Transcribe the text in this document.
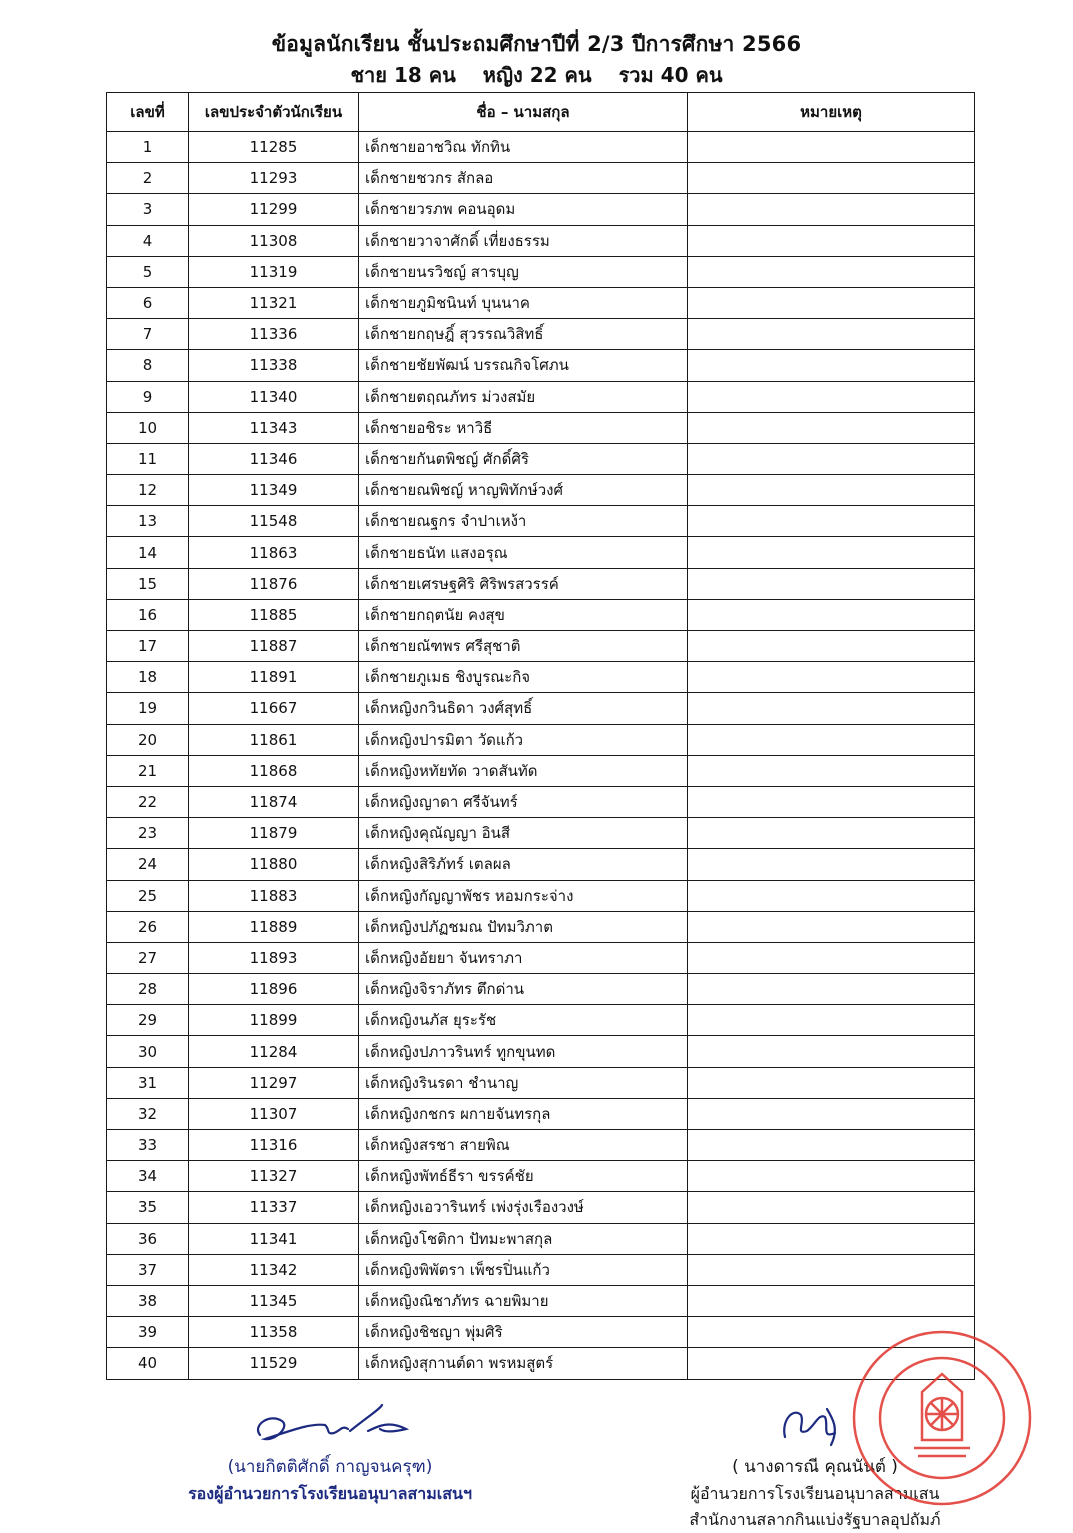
ข้อมูลนักเรียน ชั้นประถมศึกษาปีที่ 2/3 ปีการศึกษา 2566
ชาย 18 คน หญิง 22 คน รวม 40 คน
เลขที่	เลขประจำตัวนักเรียน	ชื่อ – นามสกุล	หมายเหตุ
1	11285	เด็กชายอาชวิณ ทักทิน	
2	11293	เด็กชายชวกร สักลอ	
3	11299	เด็กชายวรภพ คอนอุดม	
4	11308	เด็กชายวาจาศักดิ์ เที่ยงธรรม	
5	11319	เด็กชายนรวิชญ์ สารบุญ	
6	11321	เด็กชายภูมิชนินท์ บุนนาค	
7	11336	เด็กชายกฤษฎิ์ สุวรรณวิสิทธิ์	
8	11338	เด็กชายชัยพัฒน์ บรรณกิจโศภน	
9	11340	เด็กชายตฤณภัทร ม่วงสมัย	
10	11343	เด็กชายอชิระ หาวิธี	
11	11346	เด็กชายกันตพิชญ์ ศักดิ์ศิริ	
12	11349	เด็กชายณพิชญ์ หาญพิทักษ์วงศ์	
13	11548	เด็กชายณฐกร จำปาเหง้า	
14	11863	เด็กชายธนัท แสงอรุณ	
15	11876	เด็กชายเศรษฐศิริ ศิริพรสวรรค์	
16	11885	เด็กชายกฤตนัย คงสุข	
17	11887	เด็กชายณัฑพร ศรีสุชาติ	
18	11891	เด็กชายภูเมธ ชิงบูรณะกิจ	
19	11667	เด็กหญิงกวินธิดา วงศ์สุทธิ์	
20	11861	เด็กหญิงปารมิตา วัดแก้ว	
21	11868	เด็กหญิงหทัยทัด วาดสันทัด	
22	11874	เด็กหญิงญาดา ศรีจันทร์	
23	11879	เด็กหญิงคุณัญญา อินสี	
24	11880	เด็กหญิงสิริภัทร์ เตลผล	
25	11883	เด็กหญิงกัญญาพัชร หอมกระจ่าง	
26	11889	เด็กหญิงปภัฏชมณ ปัทมวิภาต	
27	11893	เด็กหญิงอัยยา จันทราภา	
28	11896	เด็กหญิงจิราภัทร ตึกด่าน	
29	11899	เด็กหญิงนภัส ยุระรัช	
30	11284	เด็กหญิงปภาวรินทร์ ทูกขุนทด	
31	11297	เด็กหญิงรินรดา ชำนาญ	
32	11307	เด็กหญิงกชกร ผกายจันทรกุล	
33	11316	เด็กหญิงสรชา สายพิณ	
34	11327	เด็กหญิงพัทธ์ธีรา ขรรค์ชัย	
35	11337	เด็กหญิงเอวารินทร์ เพ่งรุ่งเรืองวงษ์	
36	11341	เด็กหญิงโชติกา ปัทมะพาสกุล	
37	11342	เด็กหญิงพิพัตรา เพ็ชรปิ่นแก้ว	
38	11345	เด็กหญิงณิชาภัทร ฉายพิมาย	
39	11358	เด็กหญิงชิชญา พุ่มศิริ	
40	11529	เด็กหญิงสุกานต์ดา พรหมสูตร์	
(นายกิตติศักดิ์ กาญจนครุฑ)
รองผู้อำนวยการโรงเรียนอนุบาลสามเสนฯ
( นางดารณี คุณนันต์ )
ผู้อำนวยการโรงเรียนอนุบาลสามเสน
สำนักงานสลากกินแบ่งรัฐบาลอุปถัมภ์
